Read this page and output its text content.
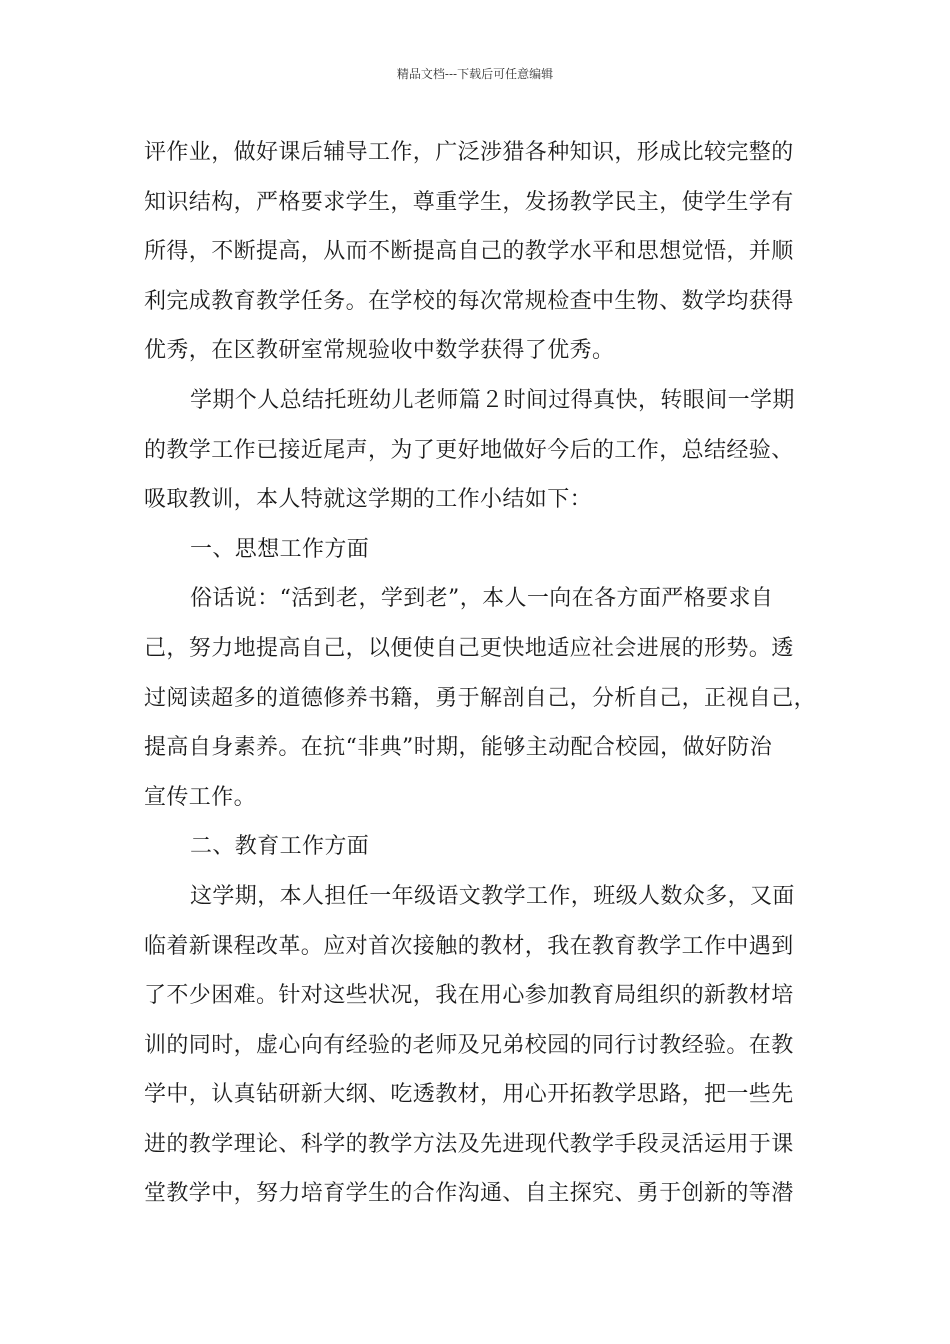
精品文档---下载后可任意编辑
评作业，做好课后辅导工作，广泛涉猎各种知识，形成比较完整的
知识结构，严格要求学生，尊重学生，发扬教学民主，使学生学有
所得，不断提高，从而不断提高自己的教学水平和思想觉悟，并顺
利完成教育教学任务。在学校的每次常规检查中生物、数学均获得
优秀，在区教研室常规验收中数学获得了优秀。
学期个人总结托班幼儿老师篇２时间过得真快，转眼间一学期
的教学工作已接近尾声，为了更好地做好今后的工作，总结经验、
吸取教训，本人特就这学期的工作小结如下：
一、思想工作方面
俗话说：“活到老，学到老”，本人一向在各方面严格要求自
己，努力地提高自己，以便使自己更快地适应社会进展的形势。透
过阅读超多的道德修养书籍，勇于解剖自己，分析自己，正视自己，
提高自身素养。在抗“非典”时期，能够主动配合校园，做好防治
宣传工作。
二、教育工作方面
这学期，本人担任一年级语文教学工作，班级人数众多，又面
临着新课程改革。应对首次接触的教材，我在教育教学工作中遇到
了不少困难。针对这些状况，我在用心参加教育局组织的新教材培
训的同时，虚心向有经验的老师及兄弟校园的同行讨教经验。在教
学中，认真钻研新大纲、吃透教材，用心开拓教学思路，把一些先
进的教学理论、科学的教学方法及先进现代教学手段灵活运用于课
堂教学中，努力培育学生的合作沟通、自主探究、勇于创新的等潜
